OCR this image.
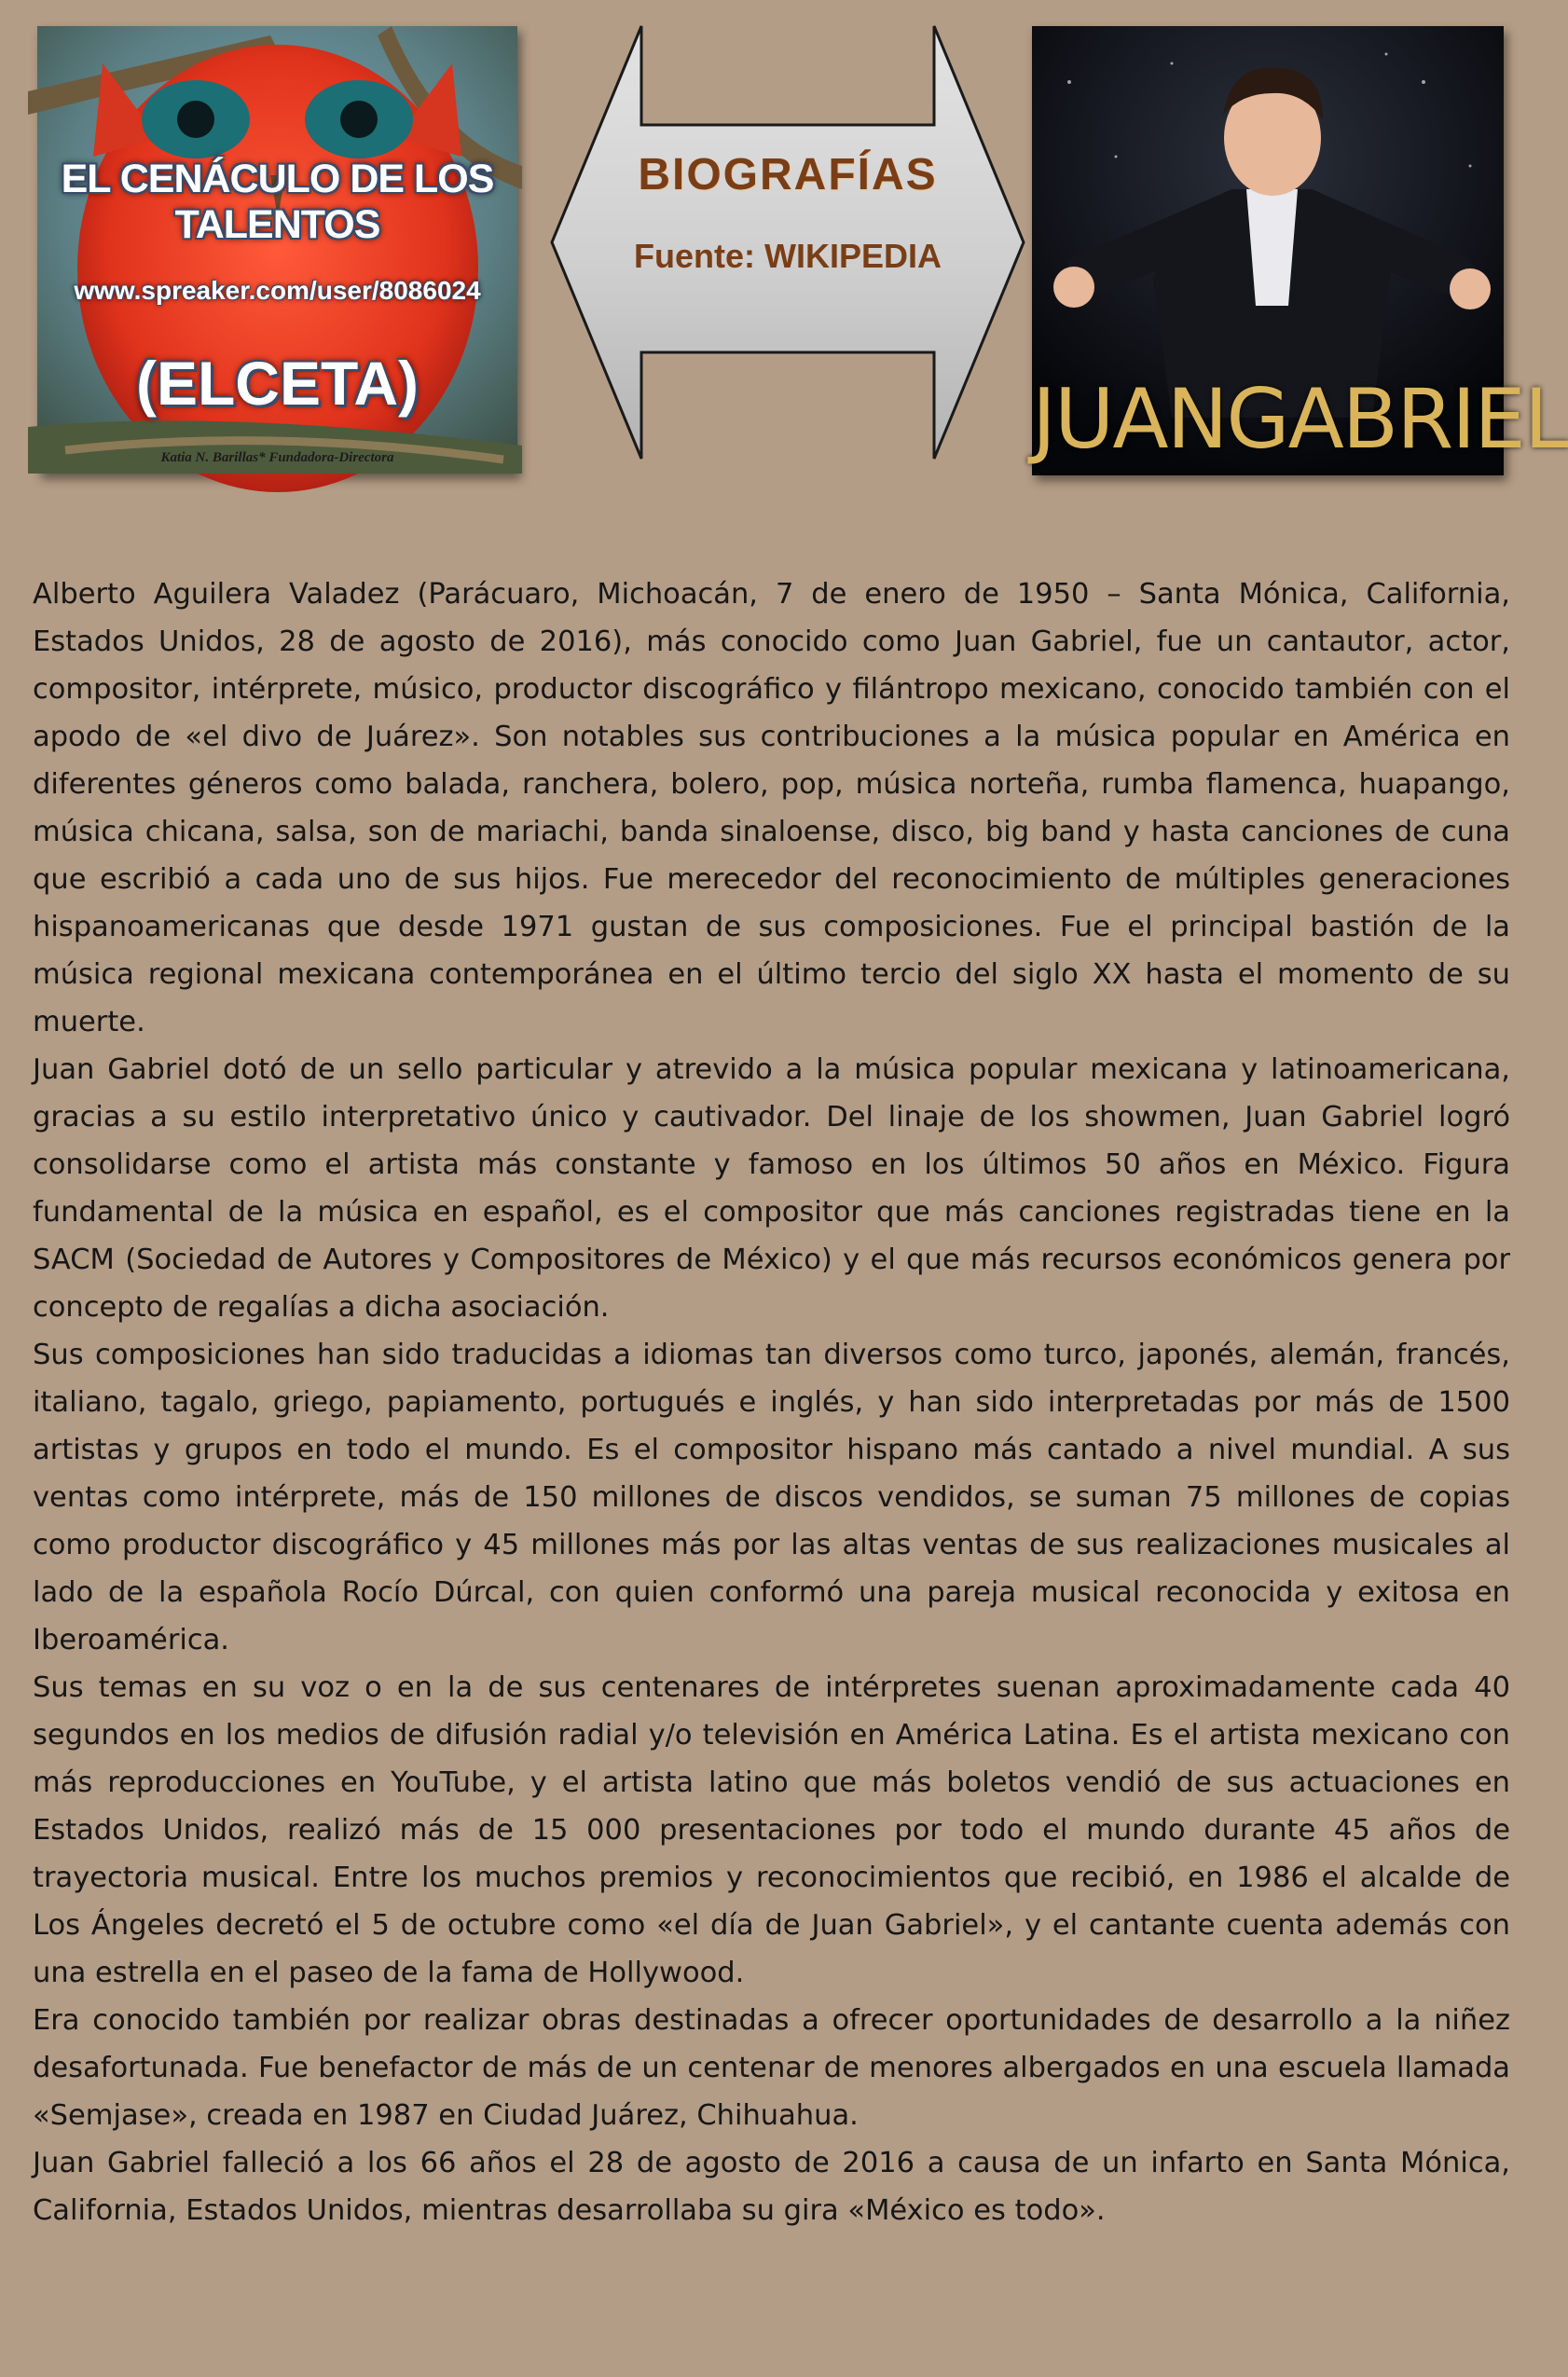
EL CENÁCULO DE LOS TALENTOS
www.spreaker.com/user/8086024
(ELCETA)
Katia N. Barillas* Fundadora-Directora
BIOGRAFÍAS
Fuente: WIKIPEDIA
JUANGABRIEL

Alberto Aguilera Valadez (Parácuaro, Michoacán, 7 de enero de 1950 – Santa Mónica, California, Estados Unidos, 28 de agosto de 2016), más conocido como Juan Gabriel, fue un cantautor, actor, compositor, intérprete, músico, productor discográfico y filántropo mexicano, conocido también con el apodo de «el divo de Juárez». Son notables sus contribuciones a la música popular en América en diferentes géneros como balada, ranchera, bolero, pop, música norteña, rumba flamenca, huapango, música chicana, salsa, son de mariachi, banda sinaloense, disco, big band y hasta canciones de cuna que escribió a cada uno de sus hijos. Fue merecedor del reconocimiento de múltiples generaciones hispanoamericanas que desde 1971 gustan de sus composiciones. Fue el principal bastión de la música regional mexicana contemporánea en el último tercio del siglo XX hasta el momento de su muerte.

Juan Gabriel dotó de un sello particular y atrevido a la música popular mexicana y latinoamericana, gracias a su estilo interpretativo único y cautivador. Del linaje de los showmen, Juan Gabriel logró consolidarse como el artista más constante y famoso en los últimos 50 años en México. Figura fundamental de la música en español, es el compositor que más canciones registradas tiene en la SACM (Sociedad de Autores y Compositores de México) y el que más recursos económicos genera por concepto de regalías a dicha asociación.

Sus composiciones han sido traducidas a idiomas tan diversos como turco, japonés, alemán, francés, italiano, tagalo, griego, papiamento, portugués e inglés, y han sido interpretadas por más de 1500 artistas y grupos en todo el mundo. Es el compositor hispano más cantado a nivel mundial. A sus ventas como intérprete, más de 150 millones de discos vendidos, se suman 75 millones de copias como productor discográfico y 45 millones más por las altas ventas de sus realizaciones musicales al lado de la española Rocío Dúrcal, con quien conformó una pareja musical reconocida y exitosa en Iberoamérica.

Sus temas en su voz o en la de sus centenares de intérpretes suenan aproximadamente cada 40 segundos en los medios de difusión radial y/o televisión en América Latina. Es el artista mexicano con más reproducciones en YouTube, y el artista latino que más boletos vendió de sus actuaciones en Estados Unidos, realizó más de 15 000 presentaciones por todo el mundo durante 45 años de trayectoria musical. Entre los muchos premios y reconocimientos que recibió, en 1986 el alcalde de Los Ángeles decretó el 5 de octubre como «el día de Juan Gabriel», y el cantante cuenta además con una estrella en el paseo de la fama de Hollywood.

Era conocido también por realizar obras destinadas a ofrecer oportunidades de desarrollo a la niñez desafortunada. Fue benefactor de más de un centenar de menores albergados en una escuela llamada «Semjase», creada en 1987 en Ciudad Juárez, Chihuahua.

Juan Gabriel falleció a los 66 años el 28 de agosto de 2016 a causa de un infarto en Santa Mónica, California, Estados Unidos, mientras desarrollaba su gira «México es todo».
